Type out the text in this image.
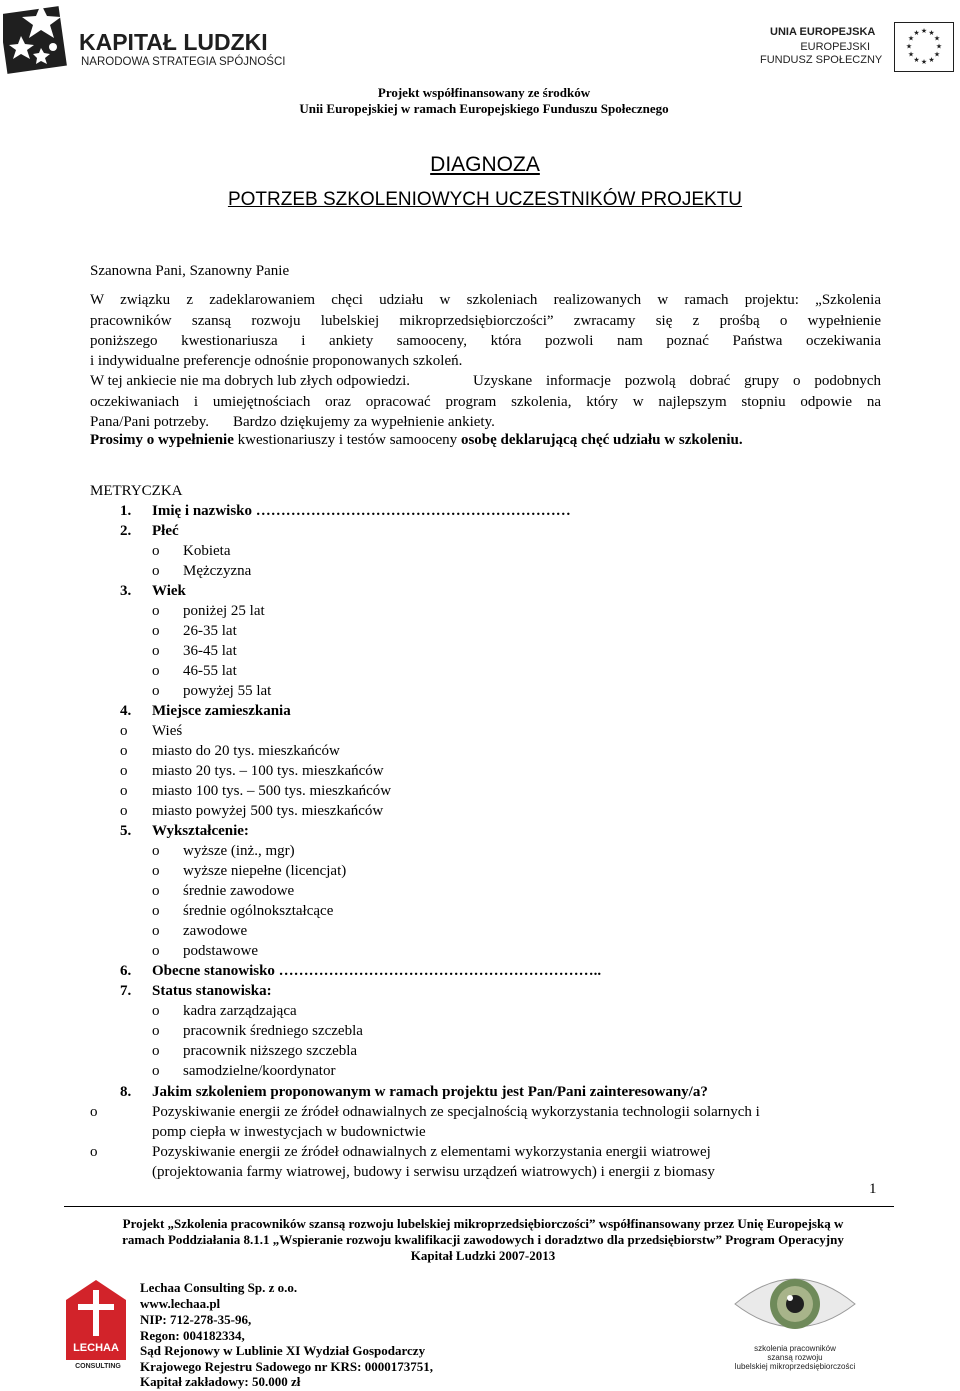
KAPITAŁ LUDZKI
NARODOWA STRATEGIA SPÓJNOŚCI
UNIA EUROPEJSKA
EUROPEJSKI
FUNDUSZ SPOŁECZNY
★ ★
★
★
★
★
★
★
★
★
★
★
Projekt współfinansowany ze środków
Unii Europejskiej w ramach Europejskiego Funduszu Społecznego
DIAGNOZA
POTRZEB SZKOLENIOWYCH UCZESTNIKÓW PROJEKTU
Szanowna Pani, Szanowny Panie
W związku z zadeklarowaniem chęci udziału w szkoleniach realizowanych w ramach projektu: „Szkolenia
pracowników szansą rozwoju lubelskiej mikroprzedsiębiorczości” zwracamy się z prośbą o wypełnienie
poniższego kwestionariusza i ankiety samooceny, która pozwoli nam poznać Państwa oczekiwania
i indywidualne preferencje odnośnie proponowanych szkoleń.
W tej ankiecie nie ma dobrych lub złych odpowiedzi.	Uzyskane informacje pozwolą dobrać grupy o podobnych
oczekiwaniach i umiejętnościach oraz opracować program szkolenia, który w najlepszym stopniu odpowie na
Pana/Pani potrzeby. Bardzo dziękujemy za wypełnienie ankiety.
Prosimy o wypełnienie kwestionariuszy i testów samooceny osobę deklarującą chęć udziału w szkoleniu.
METRYCZKA
1. Imię i nazwisko ………………………………………………………
2. Płeć
o Kobieta
o Mężczyzna
3. Wiek
o poniżej 25 lat
o 26-35 lat
o 36-45 lat
o 46-55 lat
o powyżej 55 lat
4. Miejsce zamieszkania
o Wieś
o miasto do 20 tys. mieszkańców
o miasto 20 tys. – 100 tys. mieszkańców
o miasto 100 tys. – 500 tys. mieszkańców
o miasto powyżej 500 tys. mieszkańców
5. Wykształcenie:
o wyższe (inż., mgr)
o wyższe niepełne (licencjat)
o średnie zawodowe
o średnie ogólnokształcące
o zawodowe
o podstawowe
6. Obecne stanowisko ………………………………………………………..
7. Status stanowiska:
o kadra zarządzająca
o pracownik średniego szczebla
o pracownik niższego szczebla
o samodzielne/koordynator
8. Jakim szkoleniem proponowanym w ramach projektu jest Pan/Pani zainteresowany/a?
o	Pozyskiwanie energii ze źródeł odnawialnych ze specjalnością wykorzystania technologii solarnych i
pomp ciepła w inwestycjach w budownictwie
o	Pozyskiwanie energii ze źródeł odnawialnych z elementami wykorzystania energii wiatrowej
(projektowania farmy wiatrowej, budowy i serwisu urządzeń wiatrowych) i energii z biomasy
1
Projekt „Szkolenia pracowników szansą rozwoju lubelskiej mikroprzedsiębiorczości” współfinansowany przez Unię Europejską w
ramach Poddziałania 8.1.1 „Wspieranie rozwoju kwalifikacji zawodowych i doradztwo dla przedsiębiorstw” Program Operacyjny
Kapitał Ludzki 2007-2013
LECHAA
CONSULTING
Lechaa Consulting Sp. z o.o.
www.lechaa.pl
NIP: 712-278-35-96,
Regon: 004182334,
Sąd Rejonowy w Lublinie XI Wydział Gospodarczy
Krajowego Rejestru Sadowego nr KRS: 0000173751,
Kapitał zakładowy: 50.000 zł
szkolenia pracowników
szansą rozwoju
lubelskiej mikroprzedsiębiorczości
